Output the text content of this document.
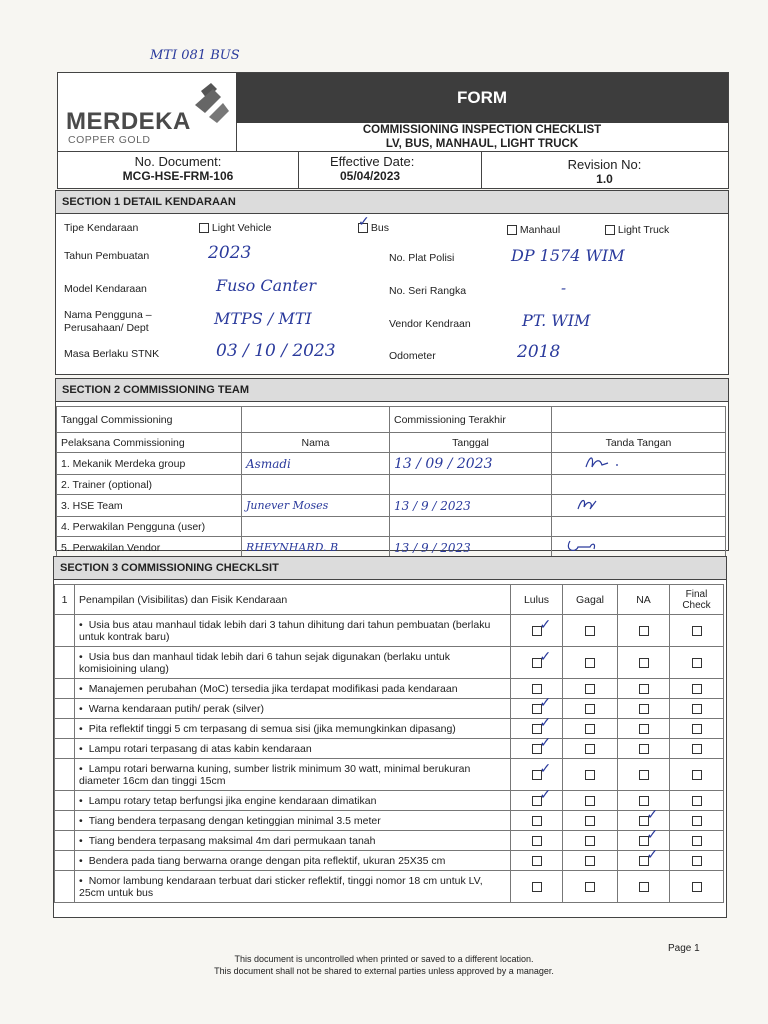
MTI 081 BUS
MERDEKA
COPPER GOLD
FORM
COMMISSIONING INSPECTION CHECKLIST
LV, BUS, MANHAUL, LIGHT TRUCK
No. Document:
MCG-HSE-FRM-106
Effective Date:
05/04/2023
Revision No:
1.0
SECTION 1 DETAIL KENDARAAN
Tipe Kendaraan	Light Vehicle	✓ Bus	Manhaul	Light Truck
Tahun Pembuatan	2023	No. Plat Polisi	DP 1574 WIM
Model Kendaraan	Fuso Canter	No. Seri Rangka	-
Nama Pengguna –
Perusahaan/ Dept	MTPS / MTI	Vendor Kendraan	PT. WIM
Masa Berlaku STNK	03 / 10 / 2023	Odometer	2018
SECTION 2 COMMISSIONING TEAM
Tanggal Commissioning		Commissioning Terakhir	
Pelaksana Commissioning	Nama	Tanggal	Tanda Tangan
1. Mekanik Merdeka group	Asmadi	13 / 09 / 2023	
2. Trainer (optional)			
3. HSE Team	Junever Moses	13 / 9 / 2023	
4. Perwakilan Pengguna (user)			
5. Perwakilan Vendor	RHEYNHARD. B	13 / 9 / 2023	
SECTION 3 COMMISSIONING CHECKLSIT
1	Penampilan (Visibilitas) dan Fisik Kendaraan	Lulus	Gagal	NA	Final Check
	• Usia bus atau manhaul tidak lebih dari 3 tahun dihitung dari tahun pembuatan (berlaku untuk kontrak baru)	✓			

	• Usia bus dan manhaul tidak lebih dari 6 tahun sejak digunakan (berlaku untuk komisioining ulang)	✓			

	• Manajemen perubahan (MoC) tersedia jika terdapat modifikasi pada kendaraan				
	• Warna kendaraan putih/ perak (silver)	✓			

	• Pita reflektif tinggi 5 cm terpasang di semua sisi (jika memungkinkan dipasang)	✓			

	• Lampu rotari terpasang di atas kabin kendaraan	✓			

	• Lampu rotari berwarna kuning, sumber listrik minimum 30 watt, minimal berukuran diameter 16cm dan tinggi 15cm	✓			

	• Lampu rotary tetap berfungsi jika engine kendaraan dimatikan	✓			

	• Tiang bendera terpasang dengan ketinggian minimal 3.5 meter			✓	

	• Tiang bendera terpasang maksimal 4m dari permukaan tanah			✓	

	• Bendera pada tiang berwarna orange dengan pita reflektif, ukuran 25X35 cm			✓	

	• Nomor lambung kendaraan terbuat dari sticker reflektif, tinggi nomor 18 cm untuk LV, 25cm untuk bus				
Page 1
This document is uncontrolled when printed or saved to a different location.
This document shall not be shared to external parties unless approved by a manager.
